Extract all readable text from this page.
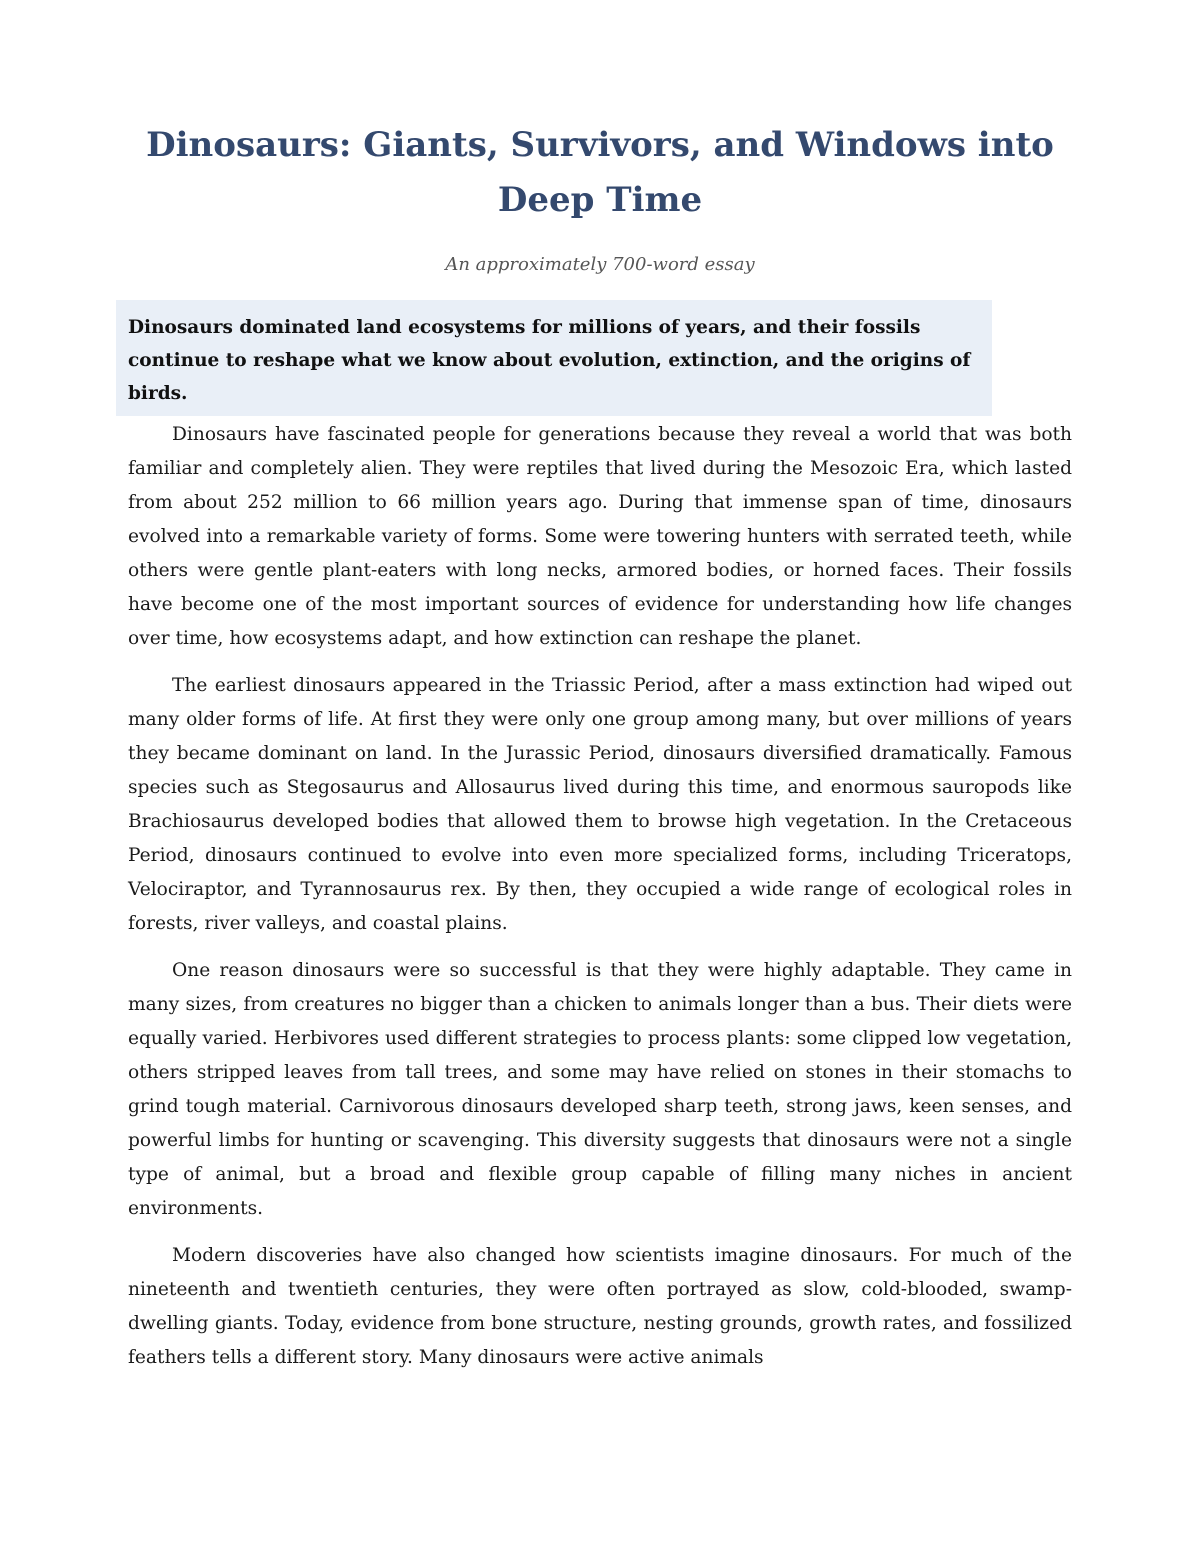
Dinosaurs: Giants, Survivors, and Windows into Deep Time

An approximately 700-word essay

Dinosaurs dominated land ecosystems for millions of years, and their fossils continue to reshape what we know about evolution, extinction, and the origins of birds.

Dinosaurs have fascinated people for generations because they reveal a world that was both familiar and completely alien. They were reptiles that lived during the Mesozoic Era, which lasted from about 252 million to 66 million years ago. During that immense span of time, dinosaurs evolved into a remarkable variety of forms. Some were towering hunters with serrated teeth, while others were gentle plant-eaters with long necks, armored bodies, or horned faces. Their fossils have become one of the most important sources of evidence for understanding how life changes over time, how ecosystems adapt, and how extinction can reshape the planet.

The earliest dinosaurs appeared in the Triassic Period, after a mass extinction had wiped out many older forms of life. At first they were only one group among many, but over millions of years they became dominant on land. In the Jurassic Period, dinosaurs diversified dramatically. Famous species such as Stegosaurus and Allosaurus lived during this time, and enormous sauropods like Brachiosaurus developed bodies that allowed them to browse high vegetation. In the Cretaceous Period, dinosaurs continued to evolve into even more specialized forms, including Triceratops, Velociraptor, and Tyrannosaurus rex. By then, they occupied a wide range of ecological roles in forests, river valleys, and coastal plains.

One reason dinosaurs were so successful is that they were highly adaptable. They came in many sizes, from creatures no bigger than a chicken to animals longer than a bus. Their diets were equally varied. Herbivores used different strategies to process plants: some clipped low vegetation, others stripped leaves from tall trees, and some may have relied on stones in their stomachs to grind tough material. Carnivorous dinosaurs developed sharp teeth, strong jaws, keen senses, and powerful limbs for hunting or scavenging. This diversity suggests that dinosaurs were not a single type of animal, but a broad and flexible group capable of filling many niches in ancient environments.

Modern discoveries have also changed how scientists imagine dinosaurs. For much of the nineteenth and twentieth centuries, they were often portrayed as slow, cold-blooded, swamp-dwelling giants. Today, evidence from bone structure, nesting grounds, growth rates, and fossilized feathers tells a different story. Many dinosaurs were active animals
